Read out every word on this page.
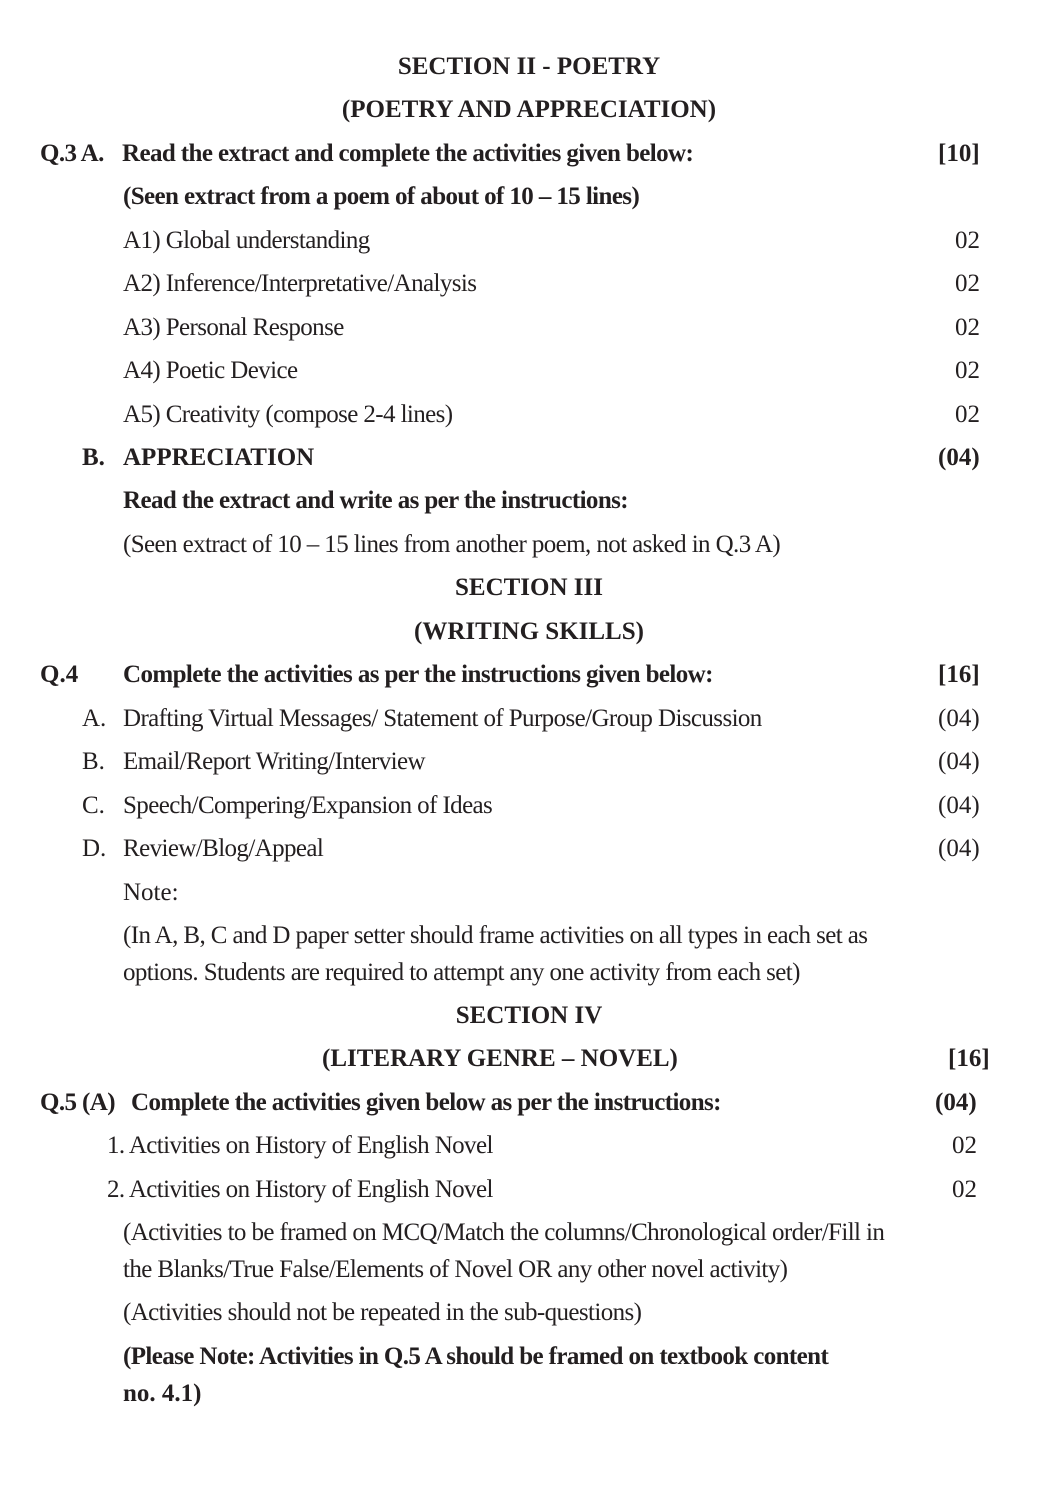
SECTION II - POETRY
(POETRY AND APPRECIATION)
Q.3 A. Read the extract and complete the activities given below:	[10]
(Seen extract from a poem of about of 10 – 15 lines)
A1) Global understanding	02
A2) Inference/Interpretative/Analysis	02
A3) Personal Response	02
A4) Poetic Device	02
A5) Creativity (compose 2-4 lines)	02
B. APPRECIATION	(04)
Read the extract and write as per the instructions:
(Seen extract of 10 – 15 lines from another poem, not asked in Q.3 A)
SECTION III
(WRITING SKILLS)
Q.4 Complete the activities as per the instructions given below:	[16]
A. Drafting Virtual Messages/ Statement of Purpose/Group Discussion	(04)
B. Email/Report Writing/Interview	(04)
C. Speech/Compering/Expansion of Ideas	(04)
D. Review/Blog/Appeal	(04)
Note:
(In A, B, C and D paper setter should frame activities on all types in each set as
options. Students are required to attempt any one activity from each set)
SECTION IV
(LITERARY GENRE – NOVEL)	[16]
Q.5 (A) Complete the activities given below as per the instructions:	(04)
1. Activities on History of English Novel	02
2. Activities on History of English Novel	02
(Activities to be framed on MCQ/Match the columns/Chronological order/Fill in
the Blanks/True False/Elements of Novel OR any other novel activity)
(Activities should not be repeated in the sub-questions)
(Please Note: Activities in Q.5 A should be framed on textbook content
no. 4.1)
